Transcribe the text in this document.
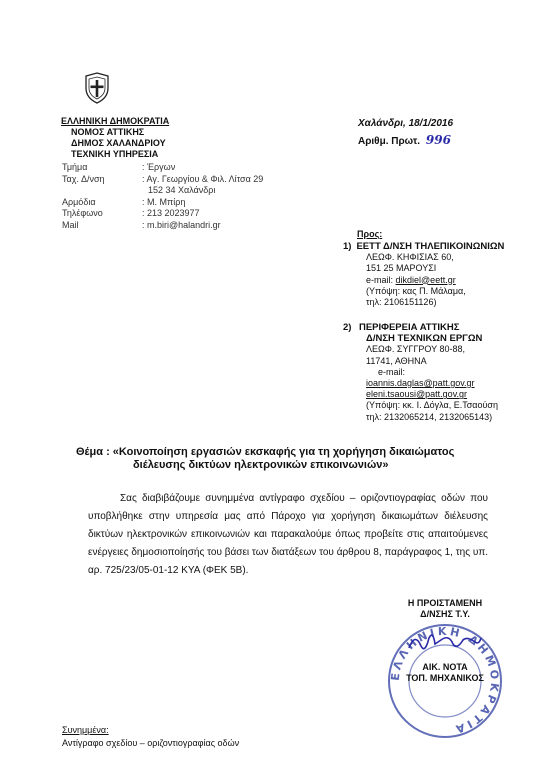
ΕΛΛΗΝΙΚΗ ΔΗΜΟΚΡΑΤΙΑ
ΝΟΜΟΣ ΑΤΤΙΚΗΣ
ΔΗΜΟΣ ΧΑΛΑΝΔΡΙΟΥ
ΤΕΧΝΙΚΗ ΥΠΗΡΕΣΙΑ
Χαλάνδρι, 18/1/2016
Αριθμ. Πρωτ. 996
Τμήμα	: Έργων
Ταχ. Δ/νση	: Αγ. Γεωργίου & Φιλ. Λίτσα 29
152 34 Χαλάνδρι
Αρμόδια	: Μ. Μπίρη
Τηλέφωνο	: 213 2023977
Mail	: m.biri@halandri.gr
Προς:
1) ΕΕΤΤ Δ/ΝΣΗ ΤΗΛΕΠΙΚΟΙΝΩΝΙΩΝ
ΛΕΩΦ. ΚΗΦΙΣΙΑΣ 60,
151 25 ΜΑΡΟΥΣΙ
e-mail: dikdiel@eett.gr
(Υπόψη: κας Π. Μάλαμα,
τηλ: 2106151126)
2) ΠΕΡΙΦΕΡΕΙΑ ΑΤΤΙΚΗΣ
Δ/ΝΣΗ ΤΕΧΝΙΚΩΝ ΕΡΓΩΝ
ΛΕΩΦ. ΣΥΓΓΡΟΥ 80-88,
11741, ΑΘΗΝΑ
e-mail:
ioannis.daglas@patt.gov.gr
eleni.tsaousi@patt.gov.gr
(Υπόψη: κκ. Ι. Δόγλα, Ε.Τσαούση
τηλ: 2132065214, 2132065143)
Θέμα : «Κοινοποίηση εργασιών εκσκαφής για τη χορήγηση δικαιώματος
διέλευσης δικτύων ηλεκτρονικών επικοινωνιών»
Σας διαβιβάζουμε συνημμένα αντίγραφο σχεδίου – οριζοντιογραφίας οδών που υποβλήθηκε στην υπηρεσία μας από Πάροχο για χορήγηση δικαιωμάτων διέλευσης δικτύων ηλεκτρονικών επικοινωνιών και παρακαλούμε όπως προβείτε στις απαιτούμενες ενέργειες δημοσιοποίησής του βάσει των διατάξεων του άρθρου 8, παράγραφος 1, της υπ. αρ. 725/23/05-01-12 ΚΥΑ (ΦΕΚ 5Β).
ΕΛΛΗΝΙΚΗ ΔΗΜΟΚΡΑΤΙΑ
Η ΠΡΟΙΣΤΑΜΕΝΗ
Δ/ΝΣΗΣ Τ.Υ.
ΑΙΚ. ΝΟΤΑ
ΤΟΠ. ΜΗΧΑΝΙΚΟΣ
Συνημμένα:
Αντίγραφο σχεδίου – οριζοντιογραφίας οδών
